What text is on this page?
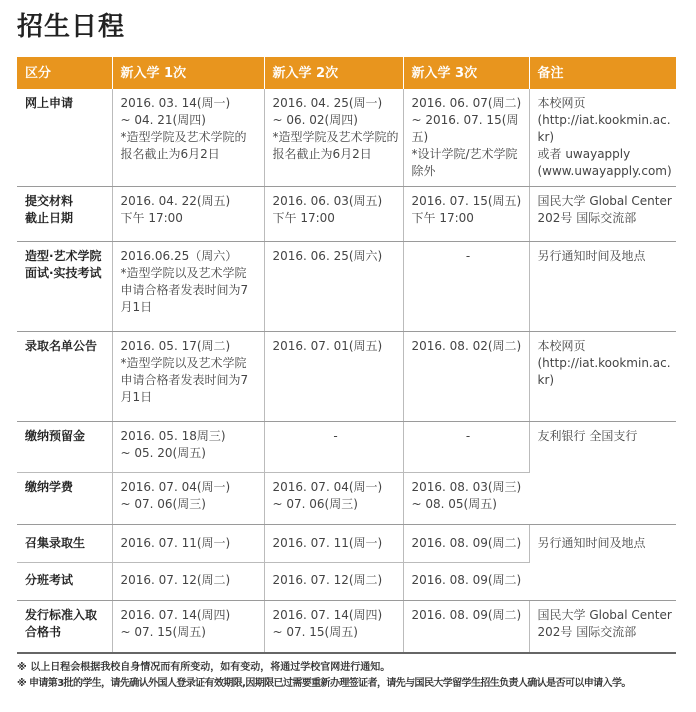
招生日程
区分	新入学 1次	新入学 2次	新入学 3次	备注

网上申请	2016. 03. 14(周一)
~ 04. 21(周四)
*造型学院及艺术学院的
报名截止为6月2日	2016. 04. 25(周一)
~ 06. 02(周四)
*造型学院及艺术学院的
报名截止为6月2日	2016. 06. 07(周二)
~ 2016. 07. 15(周五)
*设计学院/艺术学院
除外	本校网页
(http://iat.kookmin.ac.kr)
或者 uwayapply
(www.uwayapply.com)

提交材料
截止日期	2016. 04. 22(周五)
下午 17:00	2016. 06. 03(周五)
下午 17:00	2016. 07. 15(周五)
下午 17:00	国民大学 Global Center
202号 国际交流部

造型·艺术学院
面试·实技考试	2016.06.25（周六）
*造型学院以及艺术学院
申请合格者发表时间为7
月1日	2016. 06. 25(周六)	-	另行通知时间及地点

录取名单公告	2016. 05. 17(周二)
*造型学院以及艺术学院
申请合格者发表时间为7
月1日	2016. 07. 01(周五)	2016. 08. 02(周二)	本校网页
(http://iat.kookmin.ac.kr)

缴纳预留金	2016. 05. 18周三)
~ 05. 20(周五)	-	-	友利银行 全国支行

缴纳学费	2016. 07. 04(周一)
~ 07. 06(周三)	2016. 07. 04(周一)
~ 07. 06(周三)	2016. 08. 03(周三)
~ 08. 05(周五)	

召集录取生	2016. 07. 11(周一)	2016. 07. 11(周一)	2016. 08. 09(周二)	另行通知时间及地点

分班考试	2016. 07. 12(周二)	2016. 07. 12(周二)	2016. 08. 09(周二)	

发行标准入取
合格书	2016. 07. 14(周四)
~ 07. 15(周五)	2016. 07. 14(周四)
~ 07. 15(周五)	2016. 08. 09(周二)	国民大学 Global Center
202号 国际交流部
※ 以上日程会根据我校自身情况而有所变动，如有变动，将通过学校官网进行通知。
※ 申请第3批的学生，请先确认外国人登录证有效期限,因期限已过需要重新办理签证者，请先与国民大学留学生招生负责人确认是否可以申请入学。
